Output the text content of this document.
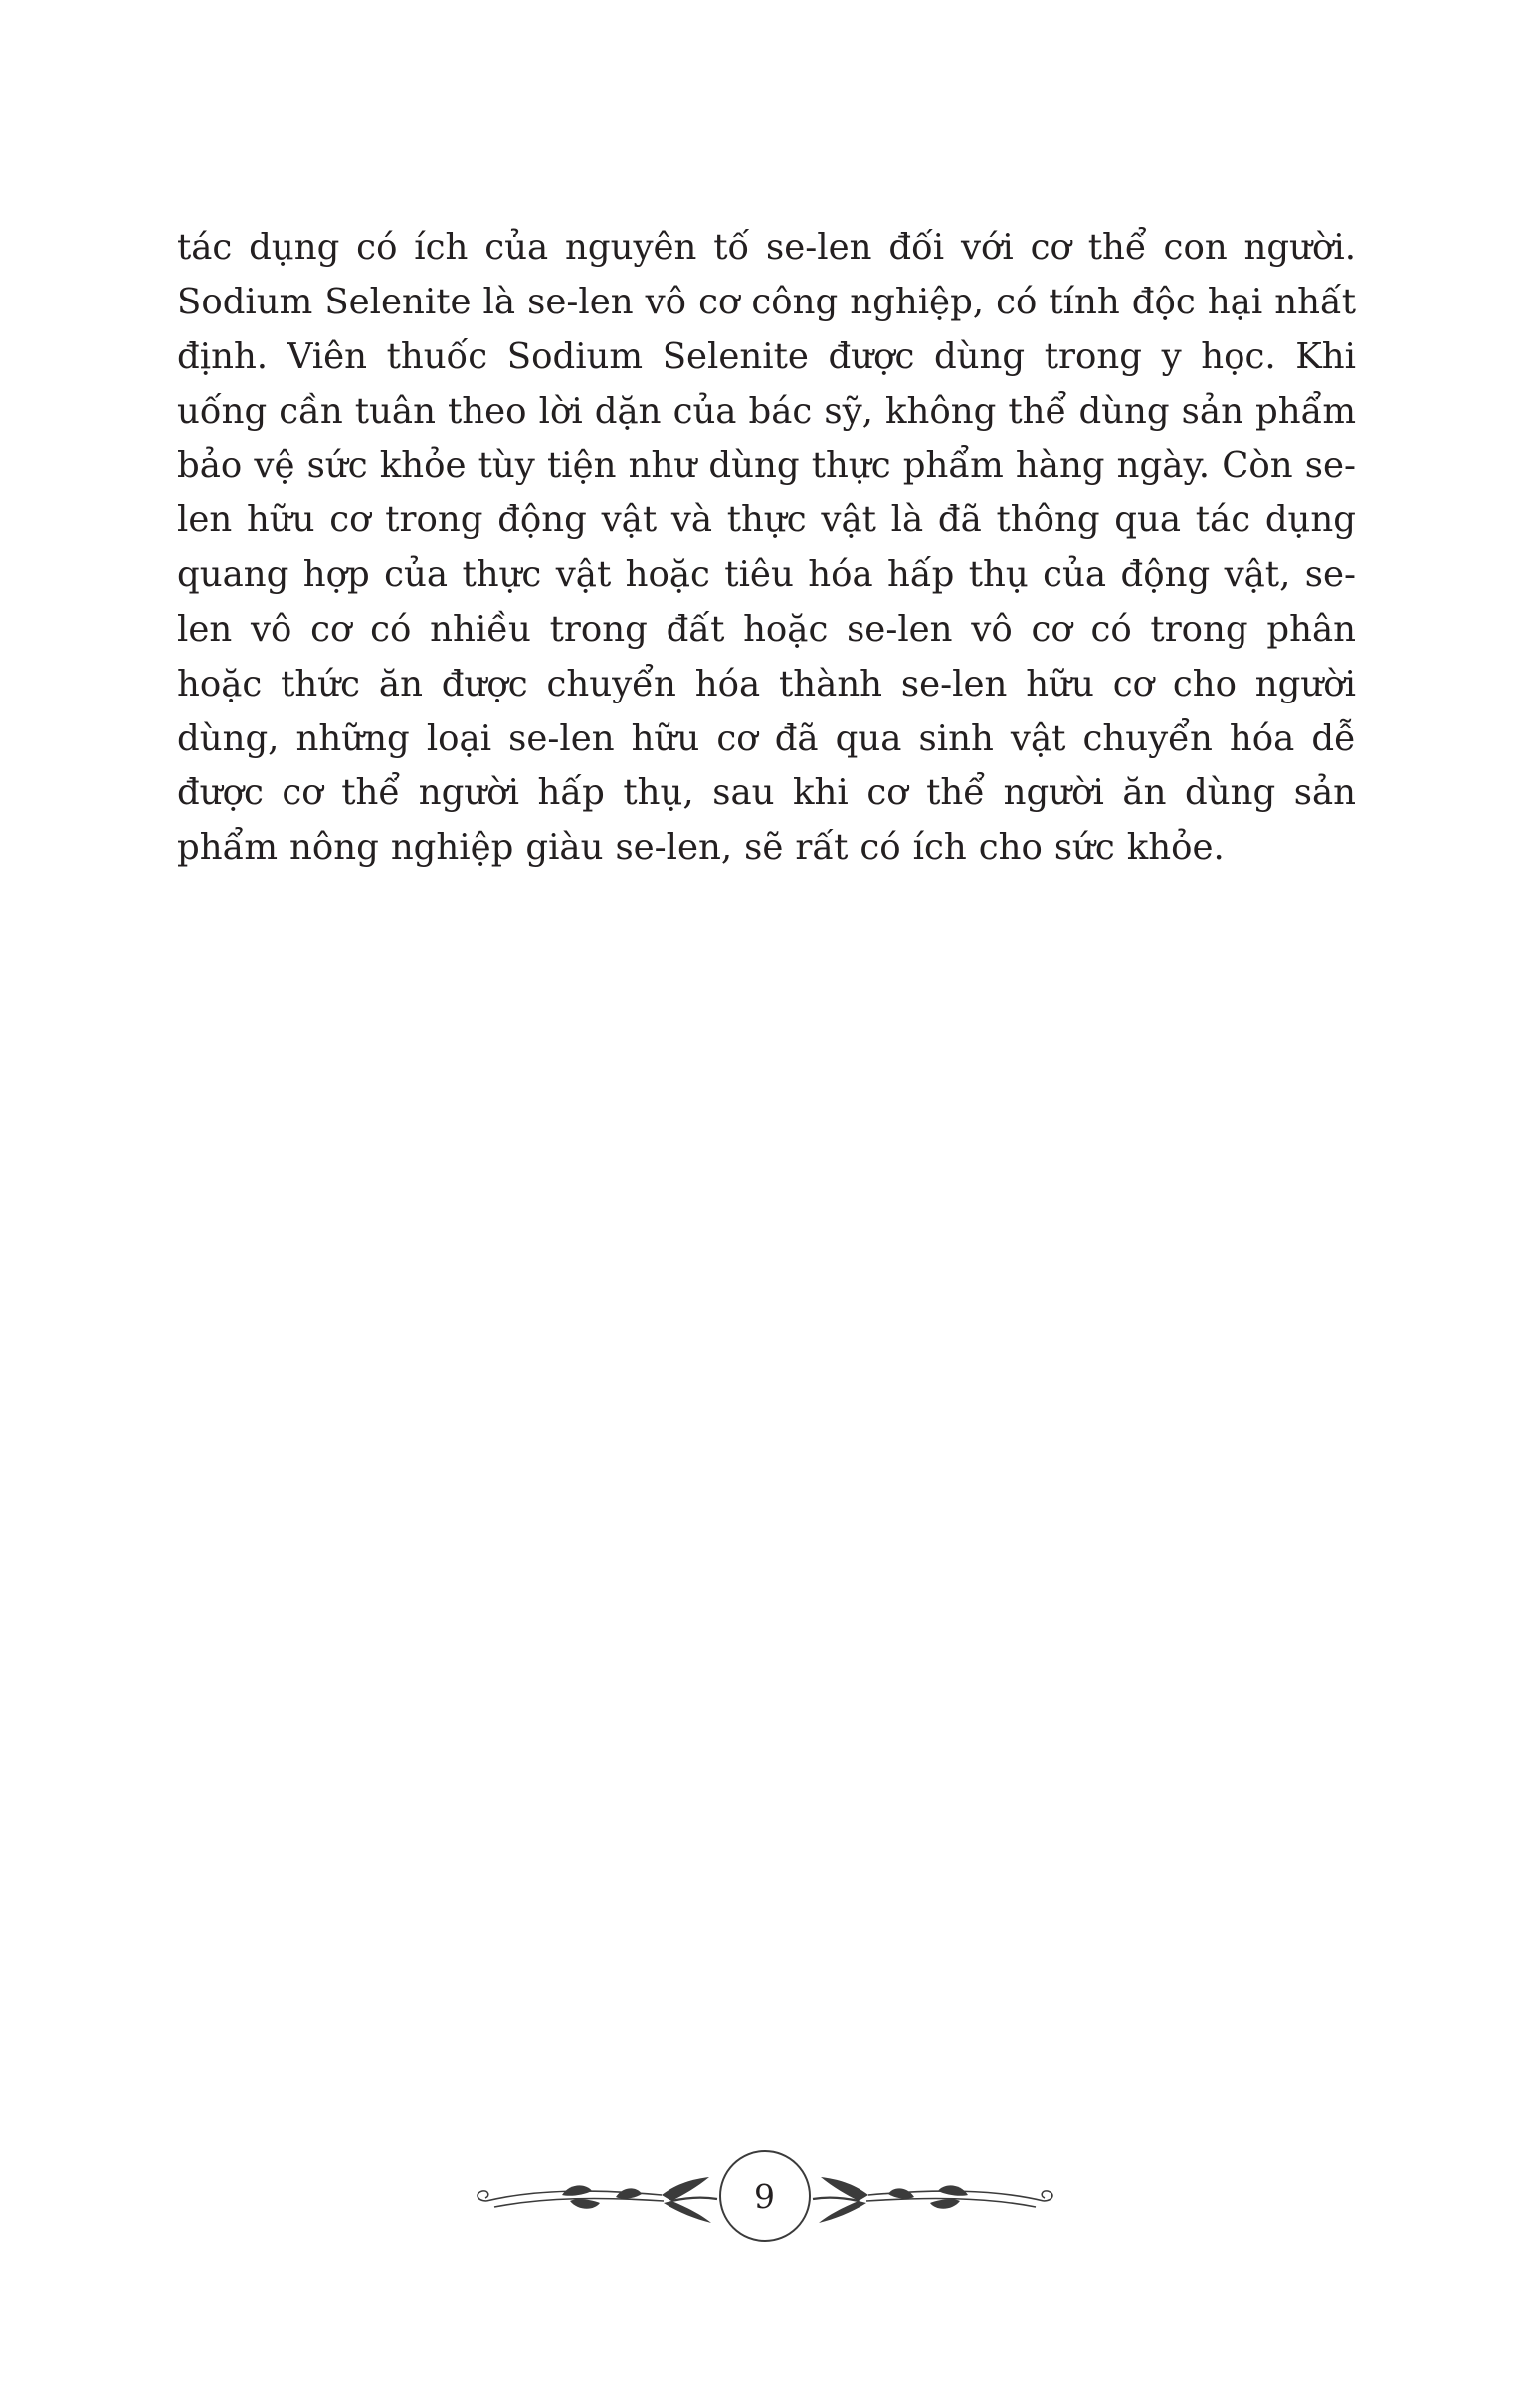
tác dụng có ích của nguyên tố se-len đối với cơ thể con người. Sodium Selenite là se-len vô cơ công nghiệp, có tính độc hại nhất định. Viên thuốc Sodium Selenite được dùng trong y học. Khi uống cần tuân theo lời dặn của bác sỹ, không thể dùng sản phẩm bảo vệ sức khỏe tùy tiện như dùng thực phẩm hàng ngày. Còn se-len hữu cơ trong động vật và thực vật là đã thông qua tác dụng quang hợp của thực vật hoặc tiêu hóa hấp thụ của động vật, se-len vô cơ có nhiều trong đất hoặc se-len vô cơ có trong phân hoặc thức ăn được chuyển hóa thành se-len hữu cơ cho người dùng, những loại se-len hữu cơ đã qua sinh vật chuyển hóa dễ được cơ thể người hấp thụ, sau khi cơ thể người ăn dùng sản phẩm nông nghiệp giàu se-len, sẽ rất có ích cho sức khỏe.

9
